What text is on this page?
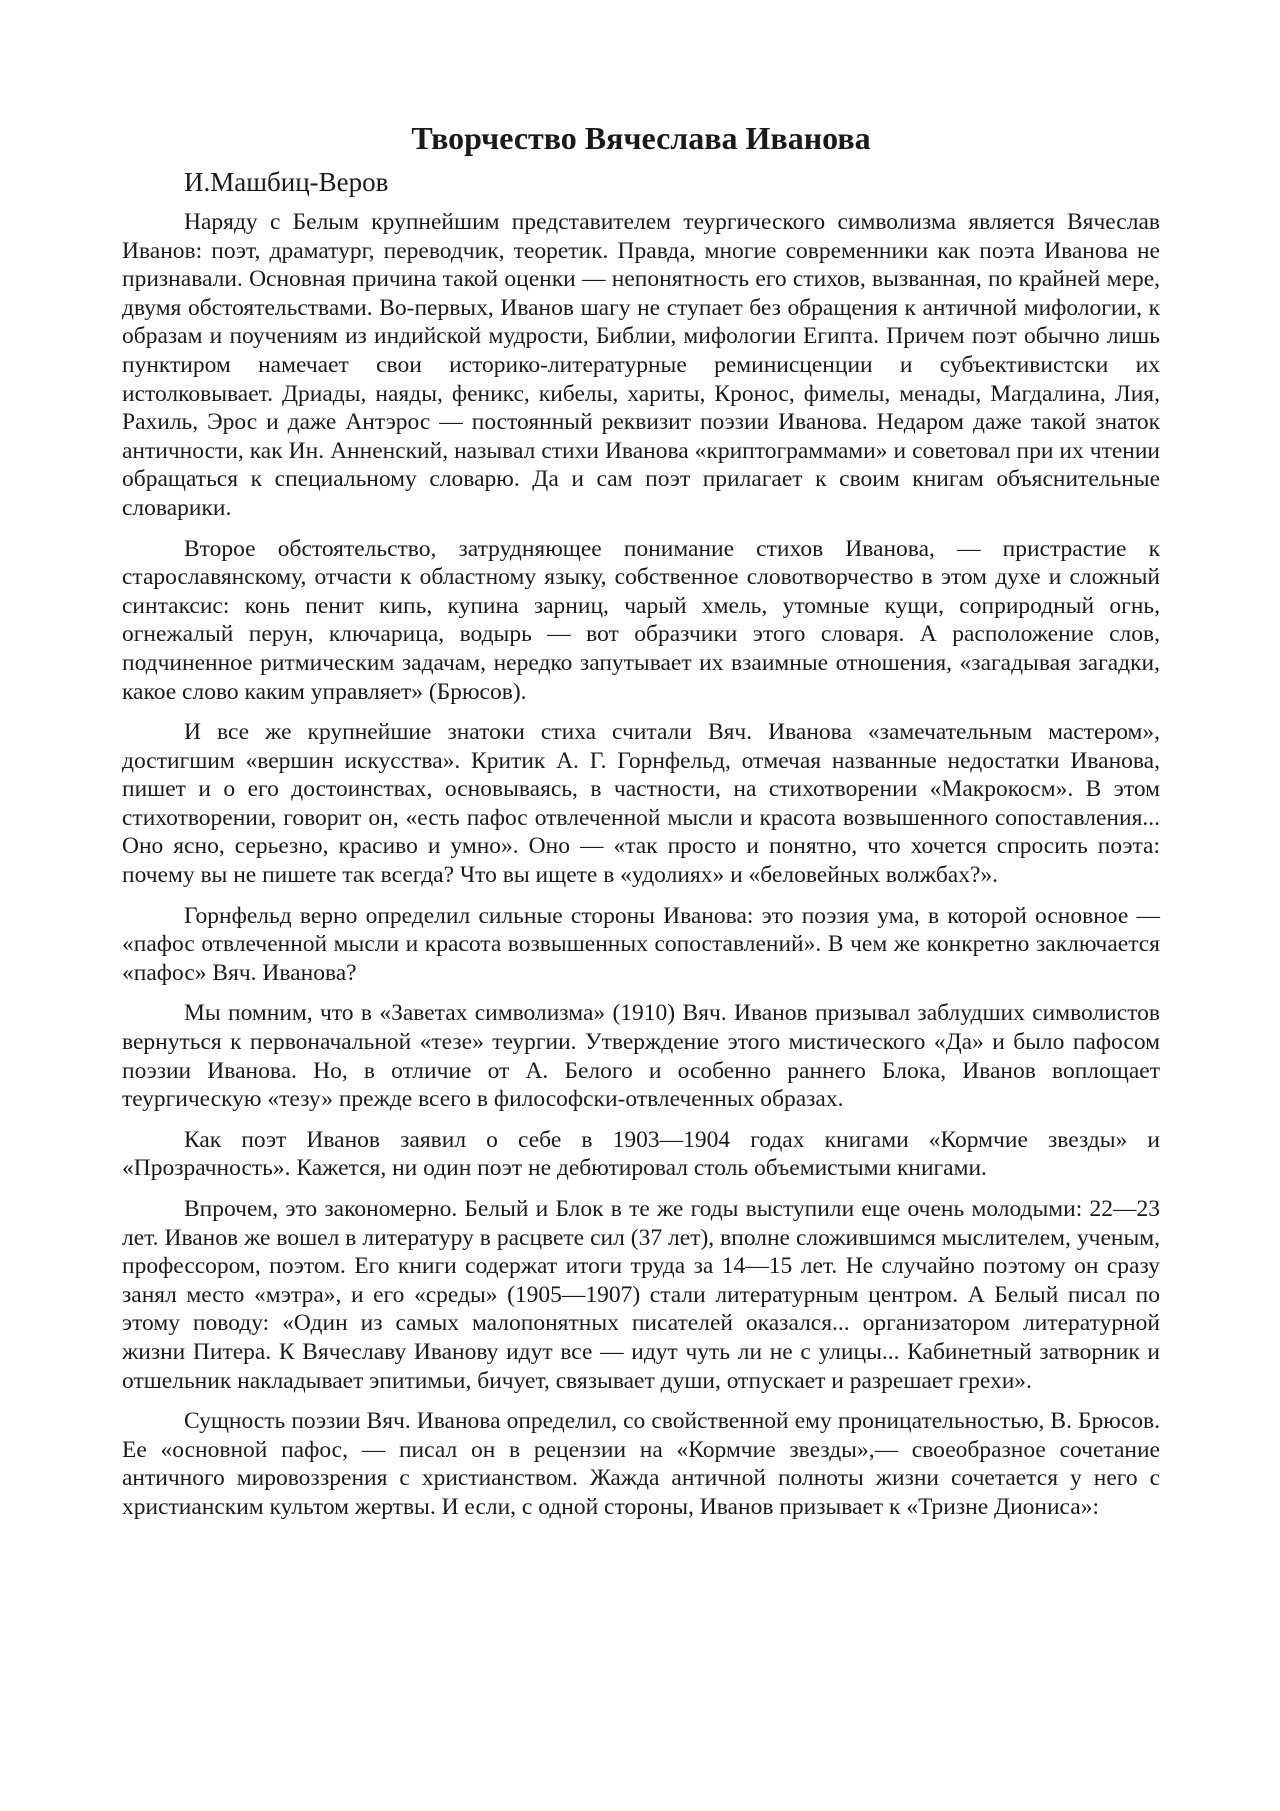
Творчество Вячеслава Иванова
И.Машбиц-Веров

Наряду с Белым крупнейшим представителем теургического символизма является Вячеслав Иванов: поэт, драматург, переводчик, теоретик. Правда, многие современники как поэта Иванова не признавали. Основная причина такой оценки — непонятность его стихов, вызванная, по крайней мере, двумя обстоятельствами. Во-первых, Иванов шагу не ступает без обращения к античной мифологии, к образам и поучениям из индийской мудрости, Библии, мифологии Египта. Причем поэт обычно лишь пунктиром намечает свои историко-литературные реминисценции и субъективистски их истолковывает. Дриады, наяды, феникс, кибелы, хариты, Кронос, фимелы, менады, Магдалина, Лия, Рахиль, Эрос и даже Антэрос — постоянный реквизит поэзии Иванова. Недаром даже такой знаток античности, как Ин. Анненский, называл стихи Иванова «криптограммами» и советовал при их чтении обращаться к специальному словарю. Да и сам поэт прилагает к своим книгам объяснительные словарики.

Второе обстоятельство, затрудняющее понимание стихов Иванова, — пристрастие к старославянскому, отчасти к областному языку, собственное словотворчество в этом духе и сложный синтаксис: конь пенит кипь, купина зарниц, чарый хмель, утомные кущи, соприродный огнь, огнежалый перун, ключарица, водырь — вот образчики этого словаря. А расположение слов, подчиненное ритмическим задачам, нередко запутывает их взаимные отношения, «загадывая загадки, какое слово каким управляет» (Брюсов).

И все же крупнейшие знатоки стиха считали Вяч. Иванова «замечательным мастером», достигшим «вершин искусства». Критик А. Г. Горнфельд, отмечая названные недостатки Иванова, пишет и о его достоинствах, основываясь, в частности, на стихотворении «Макрокосм». В этом стихотворении, говорит он, «есть пафос отвлеченной мысли и красота возвышенного сопоставления... Оно ясно, серьезно, красиво и умно». Оно — «так просто и понятно, что хочется спросить поэта: почему вы не пишете так всегда? Что вы ищете в «удолиях» и «беловейных волжбах?».

Горнфельд верно определил сильные стороны Иванова: это поэзия ума, в которой основное — «пафос отвлеченной мысли и красота возвышенных сопоставлений». В чем же конкретно заключается «пафос» Вяч. Иванова?

Мы помним, что в «Заветах символизма» (1910) Вяч. Иванов призывал заблудших символистов вернуться к первоначальной «тезе» теургии. Утверждение этого мистического «Да» и было пафосом поэзии Иванова. Но, в отличие от А. Белого и особенно раннего Блока, Иванов воплощает теургическую «тезу» прежде всего в философски-отвлеченных образах.

Как поэт Иванов заявил о себе в 1903—1904 годах книгами «Кормчие звезды» и «Прозрачность». Кажется, ни один поэт не дебютировал столь объемистыми книгами.

Впрочем, это закономерно. Белый и Блок в те же годы выступили еще очень молодыми: 22—23 лет. Иванов же вошел в литературу в расцвете сил (37 лет), вполне сложившимся мыслителем, ученым, профессором, поэтом. Его книги содержат итоги труда за 14—15 лет. Не случайно поэтому он сразу занял место «мэтра», и его «среды» (1905—1907) стали литературным центром. А Белый писал по этому поводу: «Один из самых малопонятных писателей оказался... организатором литературной жизни Питера. К Вячеславу Иванову идут все — идут чуть ли не с улицы... Кабинетный затворник и отшельник накладывает эпитимьи, бичует, связывает души, отпускает и разрешает грехи».

Сущность поэзии Вяч. Иванова определил, со свойственной ему проницательностью, В. Брюсов. Ее «основной пафос, — писал он в рецензии на «Кормчие звезды»,— своеобразное сочетание античного мировоззрения с христианством. Жажда античной полноты жизни сочетается у него с христианским культом жертвы. И если, с одной стороны, Иванов призывает к «Тризне Диониса»:
